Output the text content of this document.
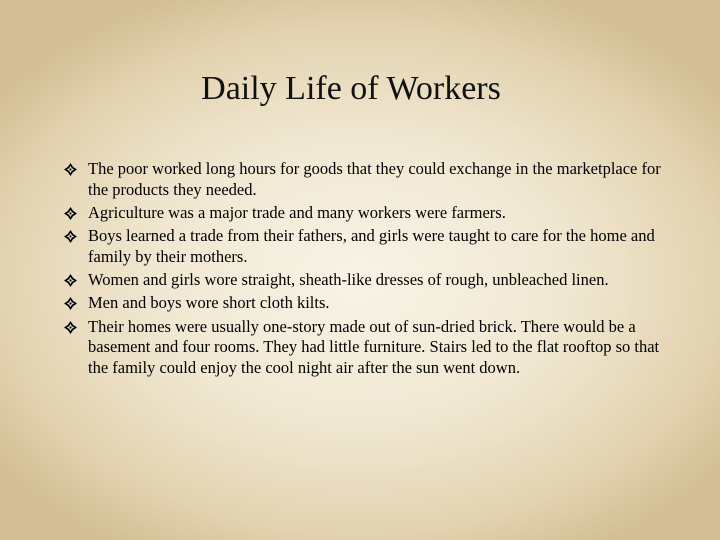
Daily Life of Workers
The poor worked long hours for goods that they could exchange in the marketplace for the products they needed.
Agriculture was a major trade and many workers were farmers.
Boys learned a trade from their fathers, and girls were taught to care for the home and family by their mothers.
Women and girls wore straight, sheath-like dresses of rough, unbleached linen.
Men and boys wore short cloth kilts.
Their homes were usually one-story made out of sun-dried brick. There would be a basement and four rooms. They had little furniture. Stairs led to the flat rooftop so that the family could enjoy the cool night air after the sun went down.
